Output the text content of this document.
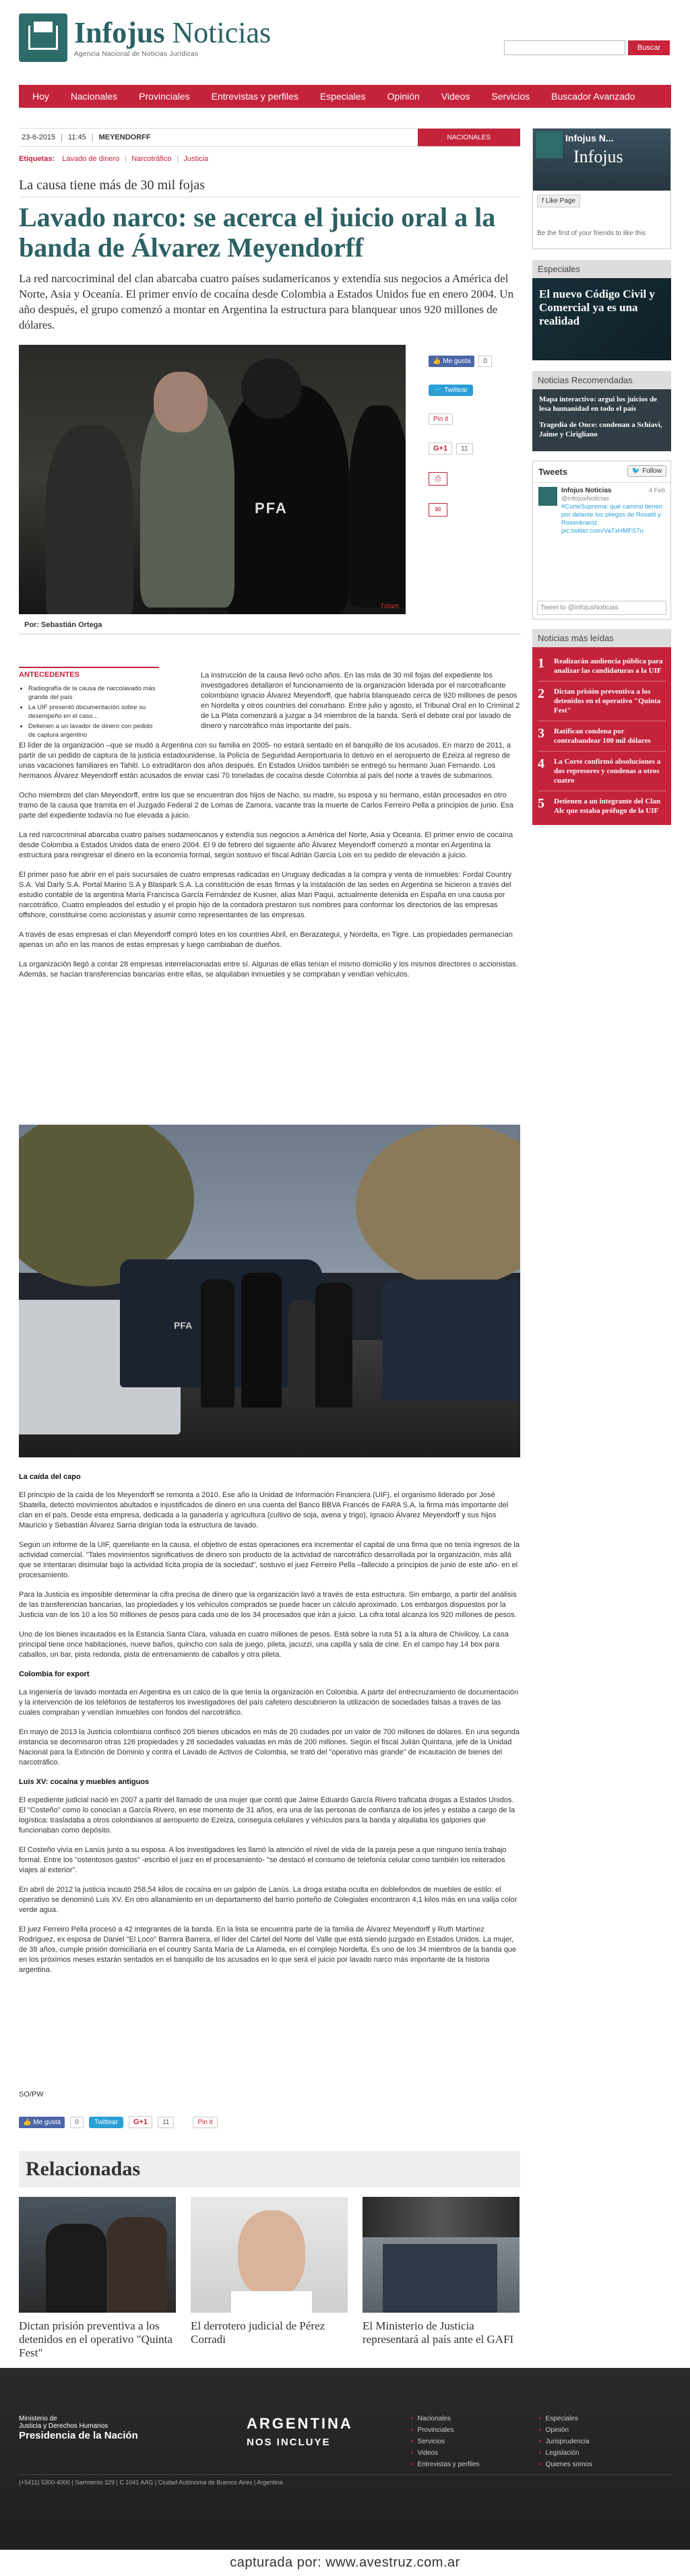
Infojus Noticias
Agencia Nacional de Noticias Jurídicas
Buscar
Hoy	Nacionales	Provinciales	Entrevistas y perfiles	Especiales	Opinión	Videos	Servicios	Buscador Avanzado
23-6-2015 | 11:45 | MEYENDORFF	NACIONALES
Etiquetas: Lavado de dinero | Narcotráfico | Justicia
La causa tiene más de 30 mil fojas
Lavado narco: se acerca el juicio oral a la banda de Álvarez Meyendorff

La red narcocriminal del clan abarcaba cuatro países sudamericanos y extendía sus negocios a América del Norte, Asia y Oceanía. El primer envío de cocaína desde Colombia a Estados Unidos fue en enero 2004. Un año después, el grupo comenzó a montar en Argentina la estructura para blanquear unos 920 millones de dólares.

PFA
Télam
Por: Sebastián Ortega
👍 Me gusta 0
🐦 Twittear
Pin it
G+1 11
⎙
✉
ANTECEDENTES
• Radiografía de la causa de narcolavado más grande del país
• La UIF presentó documentación sobre su desempeño en el caso...
• Detienen a un lavador de dinero con pedido de captura argentino

La instrucción de la causa llevó ocho años. En las más de 30 mil fojas del expediente los investigadores detallaron el funcionamiento de la organización liderada por el narcotraficante colombiano Ignacio Álvarez Meyendorff, que habría blanqueado cerca de 920 millones de pesos en Nordelta y otros countries del conurbano. Entre julio y agosto, el Tribunal Oral en lo Criminal 2 de La Plata comenzará a juzgar a 34 miembros de la banda. Será el debate oral por lavado de dinero y narcotráfico más importante del país.

El líder de la organización –que se mudó a Argentina con su familia en 2005- no estará sentado en el banquillo de los acusados. En marzo de 2011, a partir de un pedido de captura de la justicia estadounidense, la Policía de Seguridad Aeroportuaria lo detuvo en el aeropuerto de Ezeiza al regreso de unas vacaciones familiares en Tahití. Lo extraditaron dos años después. En Estados Unidos también se entregó su hermano Juan Fernando. Los hermanos Álvarez Meyendorff están acusados de enviar casi 70 toneladas de cocaína desde Colombia al país del norte a través de submarinos.

Ocho miembros del clan Meyendorff, entre los que se encuentran dos hijos de Nacho, su madre, su esposa y su hermano, están procesados en otro tramo de la causa que tramita en el Juzgado Federal 2 de Lomas de Zamora, vacante tras la muerte de Carlos Ferreiro Pella a principios de junio. Esa parte del expediente todavía no fue elevada a juicio.

La red narcocriminal abarcaba cuatro países sudamericanos y extendía sus negocios a América del Norte, Asia y Oceanía. El primer envío de cocaína desde Colombia a Estados Unidos data de enero 2004. El 9 de febrero del siguiente año Álvarez Meyendorff comenzó a montar en Argentina la estructura para reingresar el dinero en la economía formal, según sostuvo el fiscal Adrián García Lois en su pedido de elevación a juicio.

El primer paso fue abrir en el país sucursales de cuatro empresas radicadas en Uruguay dedicadas a la compra y venta de inmuebles: Fordal Country S.A. Val Darly S.A. Portal Marino S.A y Blaspark S.A. La constitución de esas firmas y la instalación de las sedes en Argentina se hicieron a través del estudio contable de la argentina María Francisca García Fernández de Kusner, alias Mari Paqui, actualmente detenida en España en una causa por narcotráfico. Cuatro empleados del estudio y el propio hijo de la contadora prestaron sus nombres para conformar los directorios de las empresas offshore, constituirse como accionistas y asumir como representantes de las empresas.

A través de esas empresas el clan Meyendorff compró lotes en los countries Abril, en Berazategui, y Nordelta, en Tigre. Las propiedades permanecían apenas un año en las manos de estas empresas y luego cambiaban de dueños.

La organización llegó a contar 28 empresas interrelacionadas entre sí. Algunas de ellas tenían el mismo domicilio y los mismos directores o accionistas. Además, se hacían transferencias bancarias entre ellas, se alquilaban inmuebles y se compraban y vendían vehículos.

PFA
La caída del capo

El principio de la caída de los Meyendorff se remonta a 2010. Ese año la Unidad de Información Financiera (UIF), el organismo liderado por José Sbatella, detectó movimientos abultados e injustificados de dinero en una cuenta del Banco BBVA Francés de FARA S.A, la firma más importante del clan en el país. Desde esta empresa, dedicada a la ganadería y agricultura (cultivo de soja, avena y trigo), Ignacio Álvarez Meyendorff y sus hijos Mauricio y Sebastián Álvarez Sarria dirigían toda la estructura de lavado.

Según un informe de la UIF, quereliante en la causa, el objetivo de estas operaciones era incrementar el capital de una firma que no tenía ingresos de la actividad comercial. "Tales movimientos significativos de dinero son producto de la actividad de narcotráfico desarrollada por la organización, más allá que se intentaran disimular bajo la actividad lícita propia de la sociedad", sostuvo el juez Ferreiro Pella –fallecido a principios de junio de este año- en el procesamiento.

Para la Justicia es imposible determinar la cifra precisa de dinero que la organización lavó a través de esta estructura. Sin embargo, a partir del análisis de las transferencias bancarias, las propiedades y los vehículos comprados se puede hacer un cálculo aproximado. Los embargos dispuestos por la Justicia van de los 10 a los 50 millones de pesos para cada uno de los 34 procesados que irán a juicio. La cifra total alcanza los 920 millones de pesos.

Uno de los bienes incautados es la Estancia Santa Clara, valuada en cuatro millones de pesos. Está sobre la ruta 51 a la altura de Chivilcoy. La casa principal tiene once habitaciones, nueve baños, quincho con sala de juego, pileta, jacuzzi, una capilla y sala de cine. En el campo hay 14 box para caballos, un bar, pista redonda, pista de entrenamiento de caballos y otra pileta.

Colombia for export

La Ingeniería de lavado montada en Argentina es un calco de la que tenía la organización en Colombia. A partir del entrecruzamiento de documentación y la intervención de los teléfonos de testaferros los investigadores del país cafetero descubrieron la utilización de sociedades falsas a través de las cuales compraban y vendían inmuebles con fondos del narcotráfico.

En mayo de 2013 la Justicia colombiana confiscó 205 bienes ubicados en más de 20 ciudades por un valor de 700 millones de dólares. En una segunda instancia se decomisaron otras 126 propiedades y 28 sociedades valuadas en más de 200 millones. Según el fiscal Julián Quintana, jefe de la Unidad Nacional para la Extinción de Dominio y contra el Lavado de Activos de Colombia, se trató del "operativo más grande" de incautación de bienes del narcotráfico.

Luis XV: cocaína y muebles antiguos

El expediente judicial nació en 2007 a partir del llamado de una mujer que contó que Jaime Eduardo García Rivero traficaba drogas a Estados Unidos. El "Costeño" como lo conocían a García Rivero, en ese momento de 31 años, era una de las personas de confianza de los jefes y estaba a cargo de la logística: trasladaba a otros colombianos al aeropuerto de Ezeiza, conseguía celulares y vehículos para la banda y alquilaba los galpones que funcionaban como depósito.

El Costeño vivía en Lanús junto a su esposa. A los investigadores les llamó la atención el nivel de vida de la pareja pese a que ninguno tenía trabajo formal. Entre los "ostentosos gastos" -escribió el juez en el procesamiento- "se destacó el consumo de telefonía celular como también los reiterados viajes al exterior".

En abril de 2012 la justicia incautó 258,54 kilos de cocaína en un galpón de Lanús. La droga estaba oculta en doblefondos de muebles de estilo: el operativo se denominó Luis XV. En otro allanamiento en un departamento del barrio porteño de Colegiales encontraron 4,1 kilos más en una valija color verde agua.

El juez Ferreiro Pella procesó a 42 integrantes de la banda. En la lista se encuentra parte de la familia de Álvarez Meyendorff y Ruth Martínez Rodríguez, ex esposa de Daniel "El Loco" Barrera Barrera, el líder del Cártel del Norte del Valle que está siendo juzgado en Estados Unidos. La mujer, de 38 años, cumple prisión domiciliaria en el country Santa María de La Alameda, en el complejo Nordelta. Es uno de los 34 miembros de la banda que en los próximos meses estarán sentados en el banquillo de los acusados en lo que será el juicio por lavado narco más importante de la historia argentina.

SO/PW
👍 Me gusta	0	Twittear	G+1	11	Pin it
Relacionadas
Dictan prisión preventiva a los detenidos en el operativo "Quinta Fest"
El derrotero judicial de Pérez Corradi
El Ministerio de Justicia representará al país ante el GAFI
Infojus N...
Infojus
f Like Page
Be the first of your friends to like this
Especiales
El nuevo Código Civil y Comercial ya es una realidad
Noticias Recomendadas

Mapa interactivo: argui los juicios de lesa humanidad en todo el país

Tragedia de Once: condenan a Schiavi, Jaime y Cirigliano

Tweets	🐦 Follow
Infojus Noticias	4 Feb

@infojusNoticias
#CorteSuprema: qué camino tienen por delante los pliegos de Rosatti y Rosenkrantz pic.twitter.com/VaTxHMFS7u
Tweet to @infojusNoticias
Noticias más leídas
1	Realizarán audiencia pública para analizar las candidaturas a la UIF
2	Dictan prisión preventiva a los detenidos en el operativo "Quinta Fest"
3	Ratifican condena por contrabandear 100 mil dólares
4	La Corte confirmó absoluciones a dos represores y condenas a otros cuatro
5	Detienen a un integrante del Clan Alc que estaba prófugo de la UIF
Ministerio de
Justicia y Derechos Humanos
Presidencia de la Nación
ARGENTINA
NOS INCLUYE
▪ Nacionales
▪ Provinciales
▪ Servicios
▪ Videos
▪ Entrevistas y perfiles
▪ Especiales
▪ Opinión
▪ Jurisprudencia
▪ Legislación
▪ Quienes somos
(+5411) 5300-4000 | Sarmiento 329 | C 1041 AAG | Ciudad Autónoma de Buenos Aires | Argentina
capturada por: www.avestruz.com.ar
